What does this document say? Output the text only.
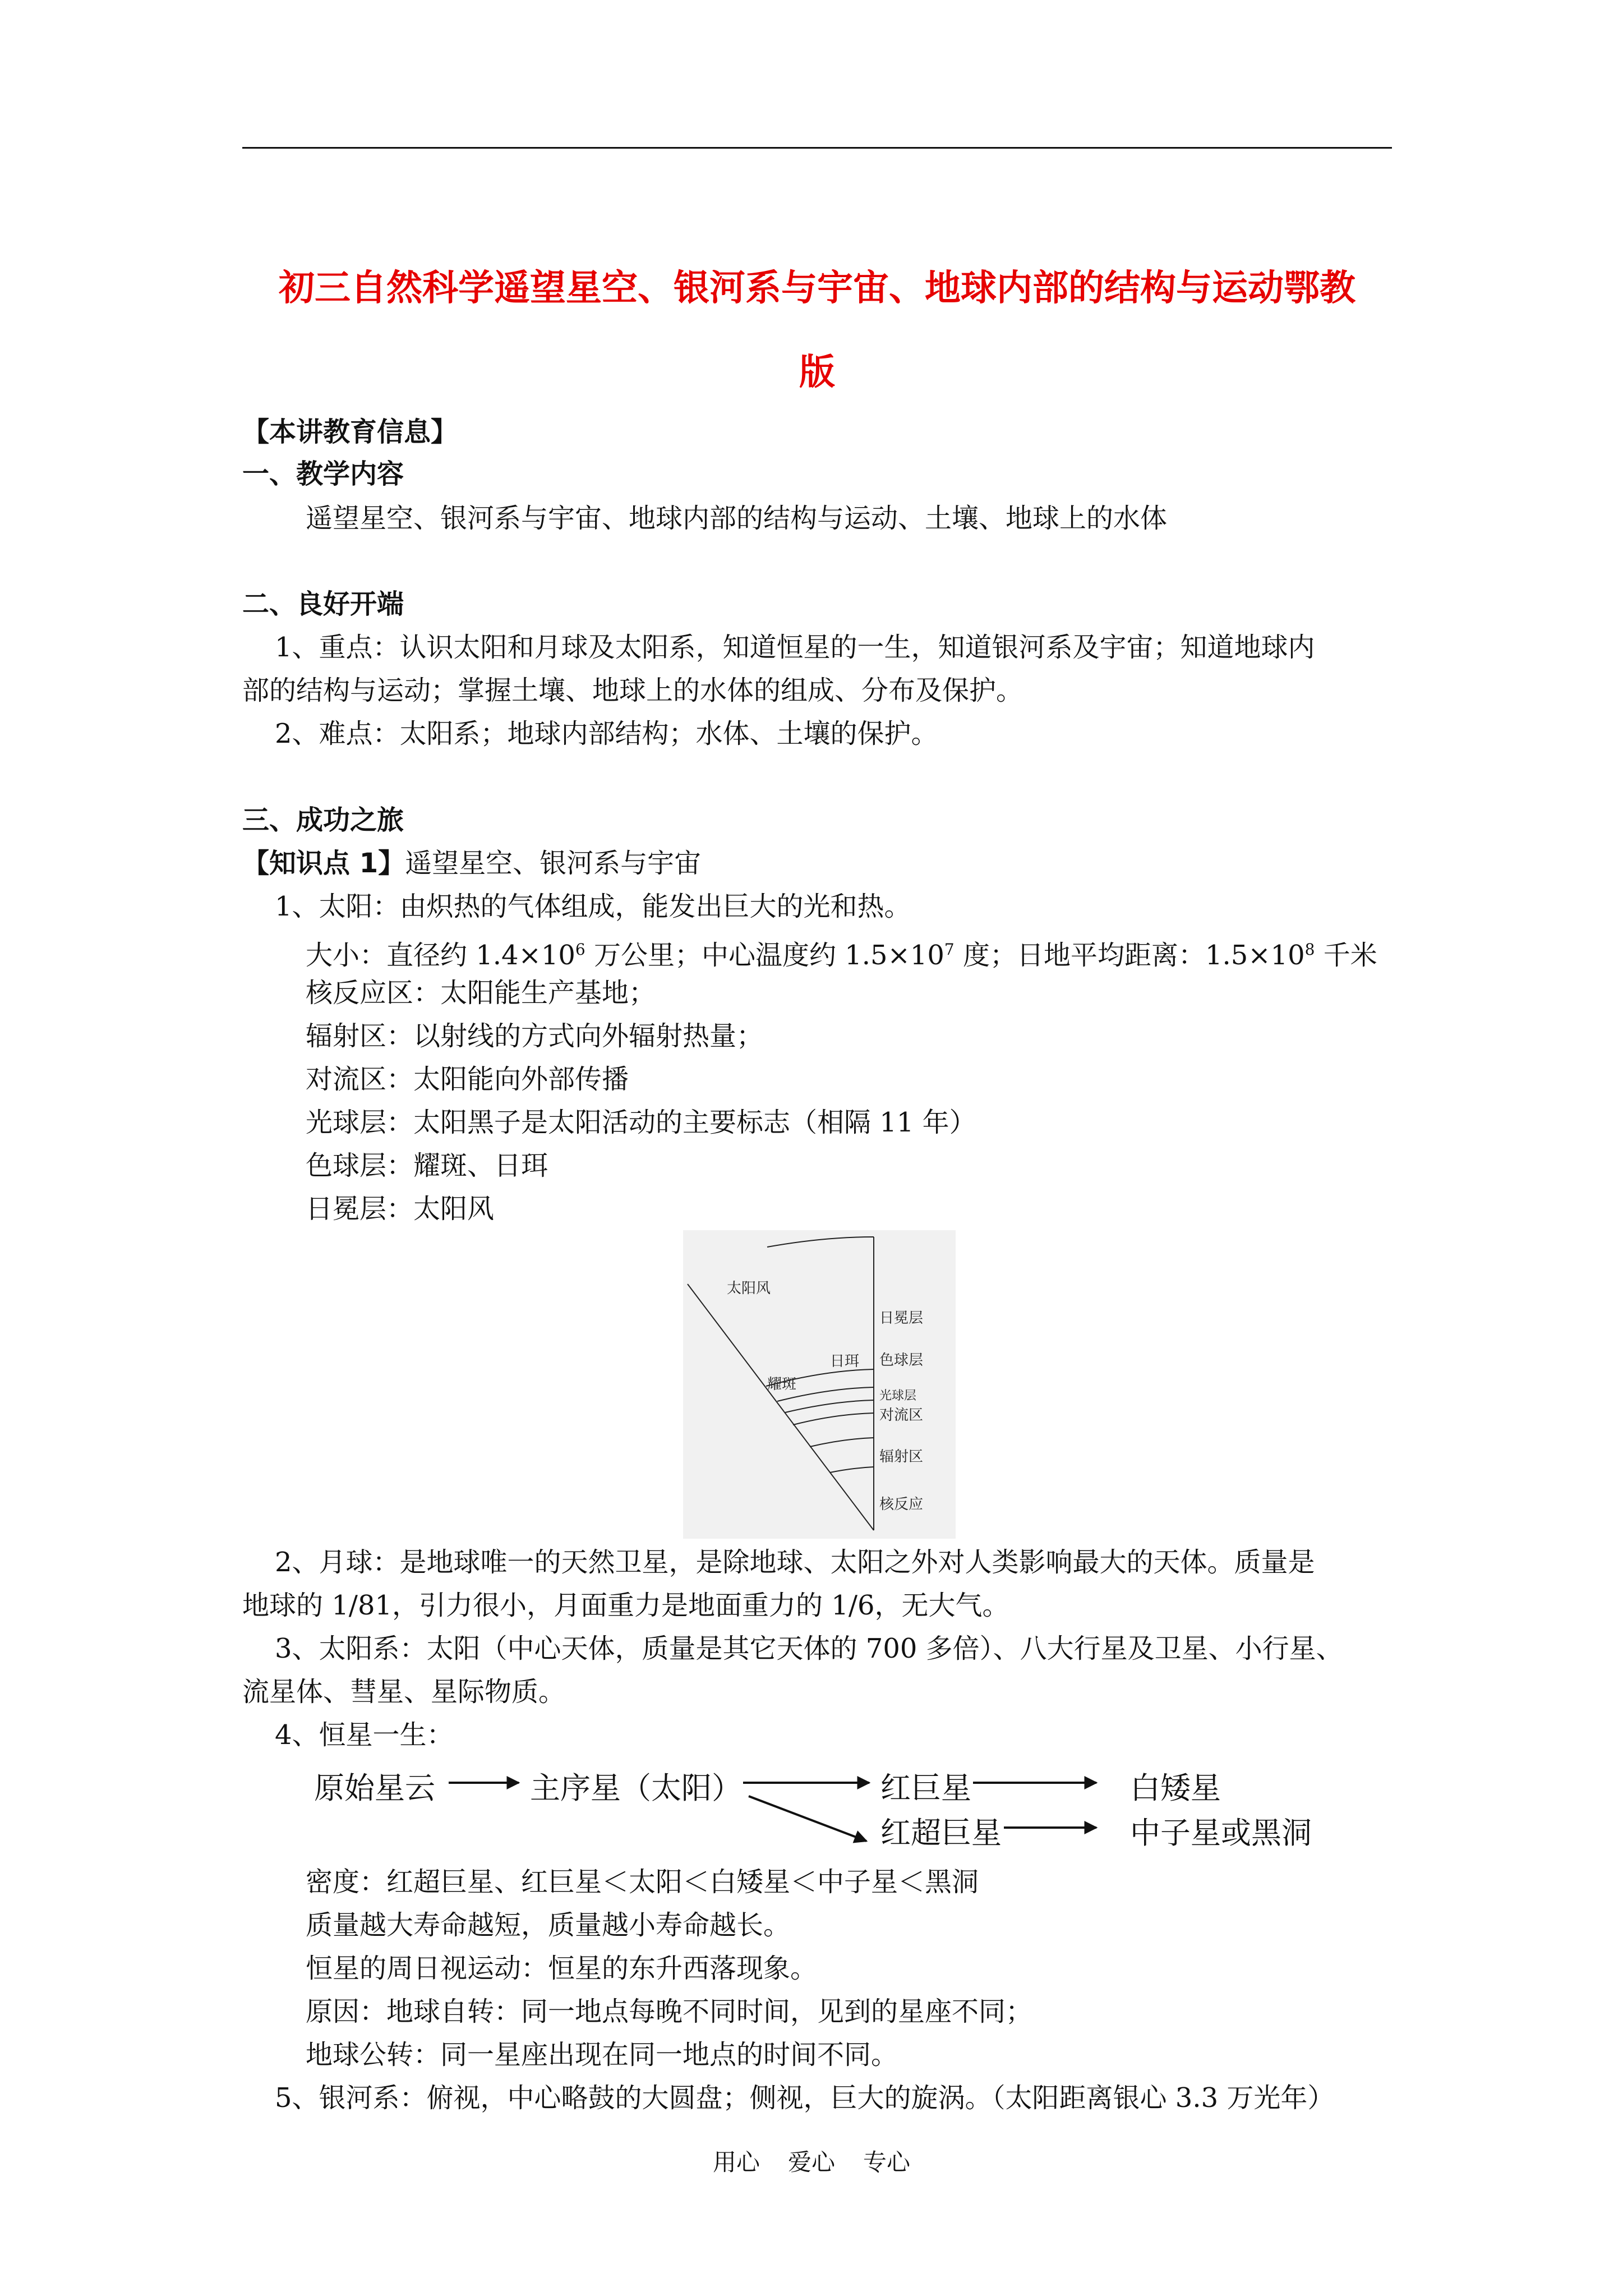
初三自然科学遥望星空、银河系与宇宙、地球内部的结构与运动鄂教
版
【本讲教育信息】
一、教学内容
遥望星空、银河系与宇宙、地球内部的结构与运动、土壤、地球上的水体
二、良好开端
1、重点：认识太阳和月球及太阳系，知道恒星的一生，知道银河系及宇宙；知道地球内
部的结构与运动；掌握土壤、地球上的水体的组成、分布及保护。
2、难点：太阳系；地球内部结构；水体、土壤的保护。
三、成功之旅
【知识点 1】遥望星空、银河系与宇宙
1、太阳：由炽热的气体组成，能发出巨大的光和热。
大小：直径约 $1.4\times 10^6$ 万公里；中心温度约 $1.5\times 10^7$ 度；日地平均距离：$1.5\times 10^8$ 千米
核反应区：太阳能生产基地；
辐射区：以射线的方式向外辐射热量；
对流区：太阳能向外部传播
光球层：太阳黑子是太阳活动的主要标志（相隔 11 年）
色球层：耀斑、日珥
日冕层：太阳风
太阳风
日冕层
日珥 色球层
耀斑
光球层
对流区
辐射区
核反应
2、月球：是地球唯一的天然卫星，是除地球、太阳之外对人类影响最大的天体。质量是
地球的 1/81，引力很小，月面重力是地面重力的 1/6，无大气。
3、太阳系：太阳（中心天体，质量是其它天体的 700 多倍）、八大行星及卫星、小行星、
流星体、彗星、星际物质。
4、恒星一生：
原始星云	主序星（太阳）	红巨星	白矮星
红超巨星	中子星或黑洞
密度：红超巨星、红巨星＜太阳＜白矮星＜中子星＜黑洞
质量越大寿命越短，质量越小寿命越长。
恒星的周日视运动：恒星的东升西落现象。
原因：地球自转：同一地点每晚不同时间，见到的星座不同；
地球公转：同一星座出现在同一地点的时间不同。
5、银河系：俯视，中心略鼓的大圆盘；侧视，巨大的旋涡。（太阳距离银心 3.3 万光年）
用心 爱心 专心
